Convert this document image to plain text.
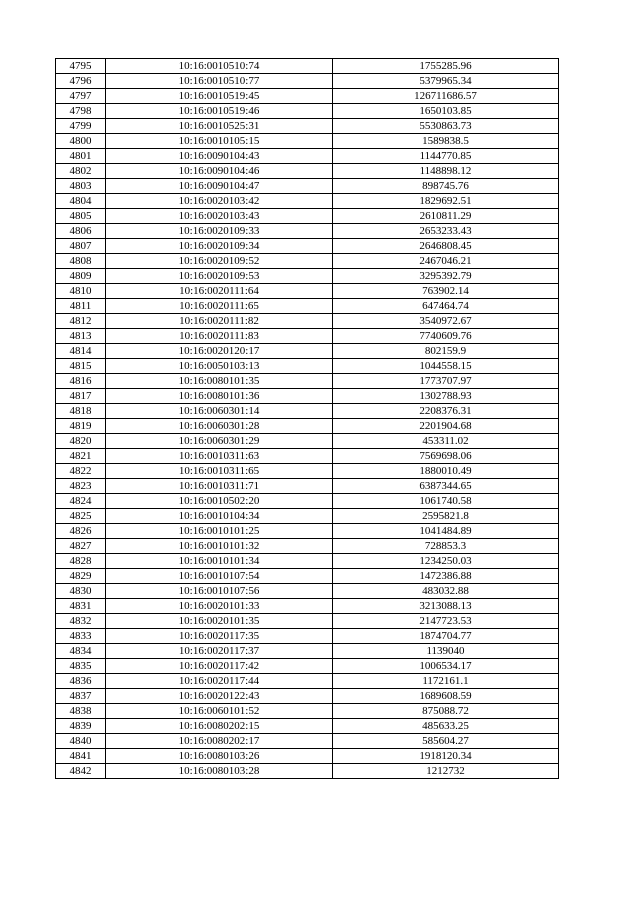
4795	10:16:0010510:74	1755285.96
4796	10:16:0010510:77	5379965.34
4797	10:16:0010519:45	126711686.57
4798	10:16:0010519:46	1650103.85
4799	10:16:0010525:31	5530863.73
4800	10:16:0010105:15	1589838.5
4801	10:16:0090104:43	1144770.85
4802	10:16:0090104:46	1148898.12
4803	10:16:0090104:47	898745.76
4804	10:16:0020103:42	1829692.51
4805	10:16:0020103:43	2610811.29
4806	10:16:0020109:33	2653233.43
4807	10:16:0020109:34	2646808.45
4808	10:16:0020109:52	2467046.21
4809	10:16:0020109:53	3295392.79
4810	10:16:0020111:64	763902.14
4811	10:16:0020111:65	647464.74
4812	10:16:0020111:82	3540972.67
4813	10:16:0020111:83	7740609.76
4814	10:16:0020120:17	802159.9
4815	10:16:0050103:13	1044558.15
4816	10:16:0080101:35	1773707.97
4817	10:16:0080101:36	1302788.93
4818	10:16:0060301:14	2208376.31
4819	10:16:0060301:28	2201904.68
4820	10:16:0060301:29	453311.02
4821	10:16:0010311:63	7569698.06
4822	10:16:0010311:65	1880010.49
4823	10:16:0010311:71	6387344.65
4824	10:16:0010502:20	1061740.58
4825	10:16:0010104:34	2595821.8
4826	10:16:0010101:25	1041484.89
4827	10:16:0010101:32	728853.3
4828	10:16:0010101:34	1234250.03
4829	10:16:0010107:54	1472386.88
4830	10:16:0010107:56	483032.88
4831	10:16:0020101:33	3213088.13
4832	10:16:0020101:35	2147723.53
4833	10:16:0020117:35	1874704.77
4834	10:16:0020117:37	1139040
4835	10:16:0020117:42	1006534.17
4836	10:16:0020117:44	1172161.1
4837	10:16:0020122:43	1689608.59
4838	10:16:0060101:52	875088.72
4839	10:16:0080202:15	485633.25
4840	10:16:0080202:17	585604.27
4841	10:16:0080103:26	1918120.34
4842	10:16:0080103:28	1212732
